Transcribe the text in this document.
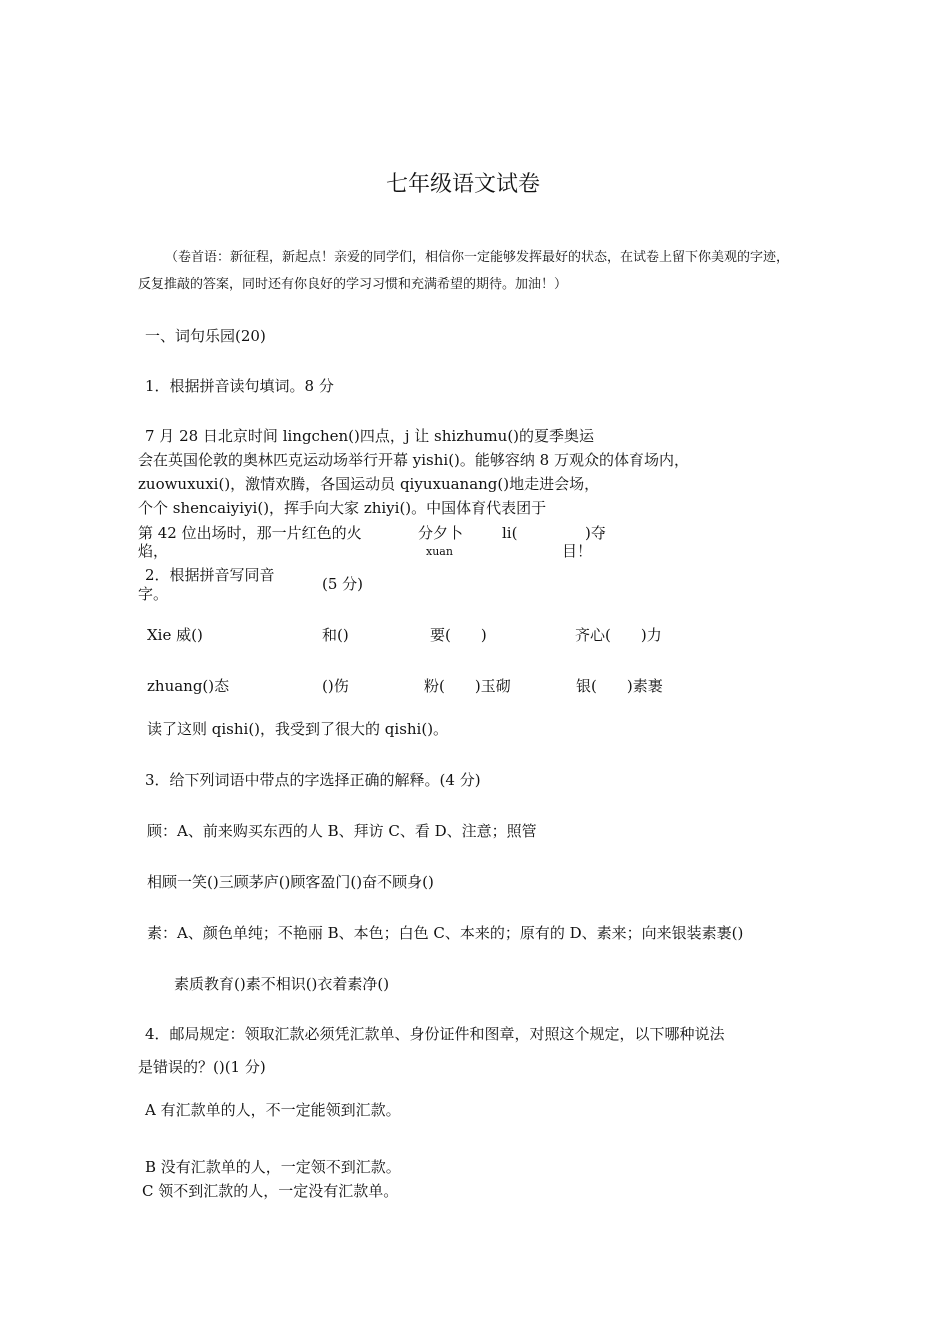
七年级语文试卷
（卷首语：新征程，新起点！亲爱的同学们，相信你一定能够发挥最好的状态，在试卷上留下你美观的字迹，
反复推敲的答案，同时还有你良好的学习习惯和充满希望的期待。加油！）
一、词句乐园(20)
1．根据拼音读句填词。8 分
7 月 28 日北京时间 lingchen()四点，j 让 shizhumu()的夏季奥运
会在英国伦敦的奥林匹克运动场举行开幕 yishi()。能够容纳 8 万观众的体育场内，
zuowuxuxi()，激情欢腾，各国运动员 qiyuxuanang()地走进会场，
个个 shencaiyiyi()，挥手向大家 zhiyi()。中国体育代表团于
第 42 位出场时，那一片红色的火
焰，
分夕卜
xuan
li(	)夺
目！
2．根据拼音写同音
字。
(5 分)
Xie 威()	和()	要(　　)	齐心(　　)力
zhuang()态	()伤	粉(　　)玉砌	银(　　)素裹
读了这则 qishi()，我受到了很大的 qishi()。
3．给下列词语中带点的字选择正确的解释。(4 分)
顾：A、前来购买东西的人 B、拜访 C、看 D、注意；照管
相顾一笑()三顾茅庐()顾客盈门()奋不顾身()
素：A、颜色单纯；不艳丽 B、本色；白色 C、本来的；原有的 D、素来；向来银装素裹()
素质教育()素不相识()衣着素净()
4．邮局规定：领取汇款必须凭汇款单、身份证件和图章，对照这个规定，以下哪种说法
是错误的？()(1 分)
A 有汇款单的人，不一定能领到汇款。
B 没有汇款单的人，一定领不到汇款。
C 领不到汇款的人，一定没有汇款单。
